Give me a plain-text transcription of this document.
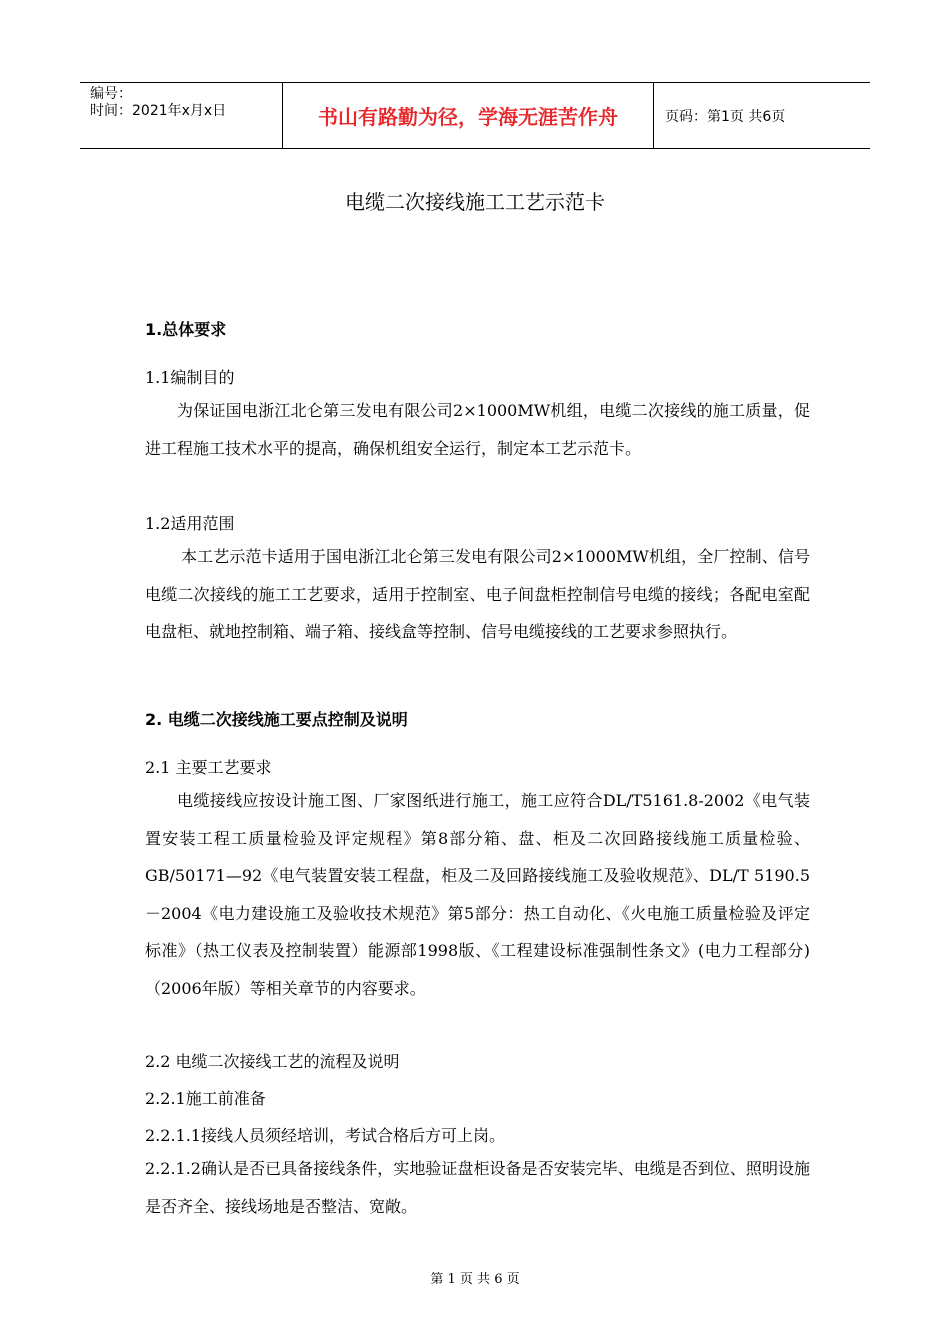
编号：
时间：2021年x月x日	书山有路勤为径，学海无涯苦作舟	页码：第1页 共6页
电缆二次接线施工工艺示范卡
1.总体要求
1.1编制目的
为保证国电浙江北仑第三发电有限公司2×1000MW机组，电缆二次接线的施工质量，促进工程施工技术水平的提高，确保机组安全运行，制定本工艺示范卡。
1.2适用范围
本工艺示范卡适用于国电浙江北仑第三发电有限公司2×1000MW机组，全厂控制、信号电缆二次接线的施工工艺要求，适用于控制室、电子间盘柜控制信号电缆的接线；各配电室配电盘柜、就地控制箱、端子箱、接线盒等控制、信号电缆接线的工艺要求参照执行。
2. 电缆二次接线施工要点控制及说明
2.1 主要工艺要求
电缆接线应按设计施工图、厂家图纸进行施工，施工应符合DL/T5161.8-2002《电气装置安装工程工质量检验及评定规程》第8部分箱、盘、柜及二次回路接线施工质量检验、GB/50171—92《电气装置安装工程盘，柜及二及回路接线施工及验收规范》、DL/T 5190.5－2004《电力建设施工及验收技术规范》第5部分：热工自动化、《火电施工质量检验及评定标准》（热工仪表及控制装置）能源部1998版、《工程建设标准强制性条文》(电力工程部分)（2006年版）等相关章节的内容要求。
2.2 电缆二次接线工艺的流程及说明
2.2.1施工前准备
2.2.1.1接线人员须经培训，考试合格后方可上岗。
2.2.1.2确认是否已具备接线条件，实地验证盘柜设备是否安装完毕、电缆是否到位、照明设施是否齐全、接线场地是否整洁、宽敞。
第 1 页 共 6 页
